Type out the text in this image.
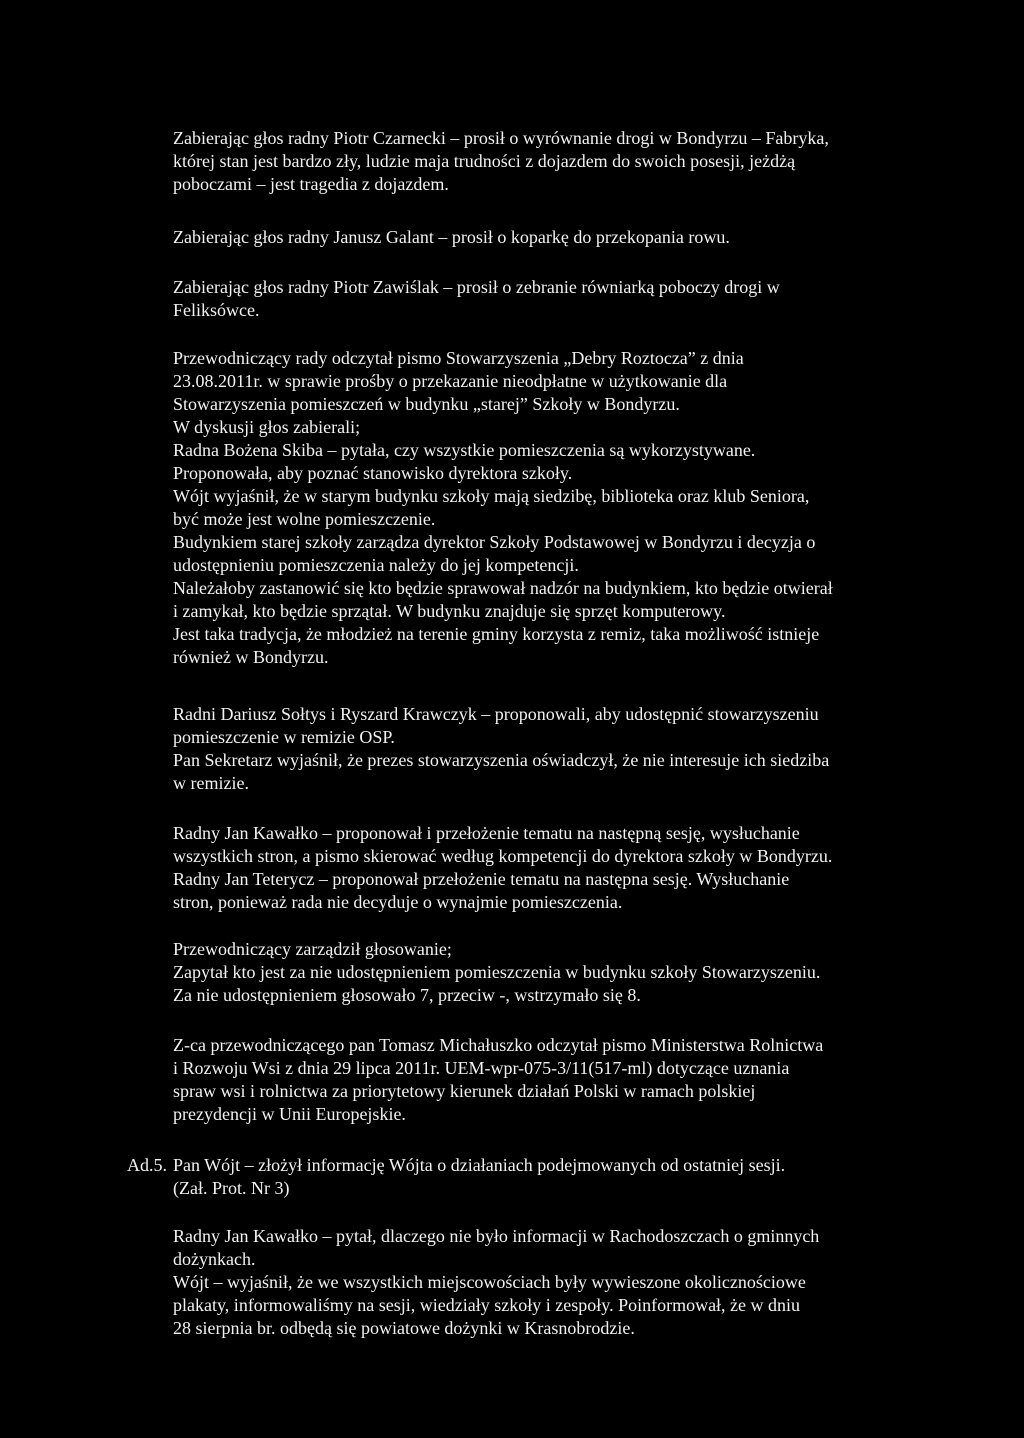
Zabierając głos radny Piotr Czarnecki – prosił o wyrównanie drogi w Bondyrzu – Fabryka,
której stan jest bardzo zły, ludzie maja trudności z dojazdem do swoich posesji, jeżdżą
poboczami – jest tragedia z dojazdem.
Zabierając głos radny Janusz Galant – prosił o koparkę do przekopania rowu.
Zabierając głos radny Piotr Zawiślak – prosił o zebranie równiarką poboczy drogi w
Feliksówce.
Przewodniczący rady odczytał pismo Stowarzyszenia „Debry Roztocza” z dnia
23.08.2011r. w sprawie prośby o przekazanie nieodpłatne w użytkowanie dla
Stowarzyszenia pomieszczeń w budynku „starej” Szkoły w Bondyrzu.
W dyskusji głos zabierali;
Radna Bożena Skiba – pytała, czy wszystkie pomieszczenia są wykorzystywane.
Proponowała, aby poznać stanowisko dyrektora szkoły.
Wójt wyjaśnił, że w starym budynku szkoły mają siedzibę, biblioteka oraz klub Seniora,
być może jest wolne pomieszczenie.
Budynkiem starej szkoły zarządza dyrektor Szkoły Podstawowej w Bondyrzu i decyzja o
udostępnieniu pomieszczenia należy do jej kompetencji.
Należałoby zastanowić się kto będzie sprawował nadzór na budynkiem, kto będzie otwierał
i zamykał, kto będzie sprzątał. W budynku znajduje się sprzęt komputerowy.
Jest taka tradycja, że młodzież na terenie gminy korzysta z remiz, taka możliwość istnieje
również w Bondyrzu.
Radni Dariusz Sołtys i Ryszard Krawczyk – proponowali, aby udostępnić stowarzyszeniu
pomieszczenie w remizie OSP.
Pan Sekretarz wyjaśnił, że prezes stowarzyszenia oświadczył, że nie interesuje ich siedziba
w remizie.
Radny Jan Kawałko – proponował i przełożenie tematu na następną sesję, wysłuchanie
wszystkich stron, a pismo skierować według kompetencji do dyrektora szkoły w Bondyrzu.
Radny Jan Teterycz – proponował przełożenie tematu na następna sesję. Wysłuchanie
stron, ponieważ rada nie decyduje o wynajmie pomieszczenia.
Przewodniczący zarządził głosowanie;
Zapytał kto jest za nie udostępnieniem pomieszczenia w budynku szkoły Stowarzyszeniu.
Za nie udostępnieniem głosowało 7, przeciw -, wstrzymało się 8.
Z-ca przewodniczącego pan Tomasz Michałuszko odczytał pismo Ministerstwa Rolnictwa
i Rozwoju Wsi z dnia 29 lipca 2011r. UEM-wpr-075-3/11(517-ml) dotyczące uznania
spraw wsi i rolnictwa za priorytetowy kierunek działań Polski w ramach polskiej
prezydencji w Unii Europejskie.
Ad.5. Pan Wójt – złożył informację Wójta o działaniach podejmowanych od ostatniej sesji.
(Zał. Prot. Nr 3)
Radny Jan Kawałko – pytał, dlaczego nie było informacji w Rachodoszczach o gminnych
dożynkach.
Wójt – wyjaśnił, że we wszystkich miejscowościach były wywieszone okolicznościowe
plakaty, informowaliśmy na sesji, wiedziały szkoły i zespoły. Poinformował, że w dniu
28 sierpnia br. odbędą się powiatowe dożynki w Krasnobrodzie.
